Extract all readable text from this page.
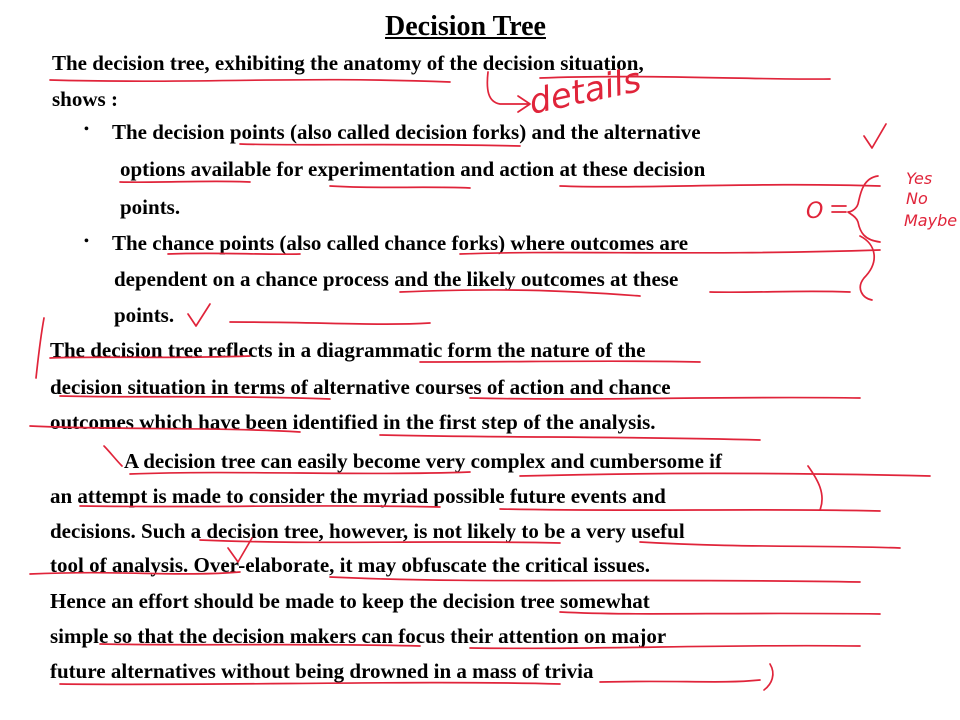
Decision Tree
The decision tree, exhibiting the anatomy of the decision situation,
shows :
• The decision points (also called decision forks) and the alternative
options available for experimentation and action at these decision
points.
• The chance points (also called chance forks) where outcomes are
dependent on a chance process and the likely outcomes at these
points.
The decision tree reflects in a diagrammatic form the nature of the
decision situation in terms of alternative courses of action and chance
outcomes which have been identified in the first step of the analysis.
A decision tree can easily become very complex and cumbersome if
an attempt is made to consider the myriad possible future events and
decisions. Such a decision tree, however, is not likely to be a very useful
tool of analysis. Over-elaborate, it may obfuscate the critical issues.
Hence an effort should be made to keep the decision tree somewhat
simple so that the decision makers can focus their attention on major
future alternatives without being drowned in a mass of trivia
details
O
Yes
No
Maybe
